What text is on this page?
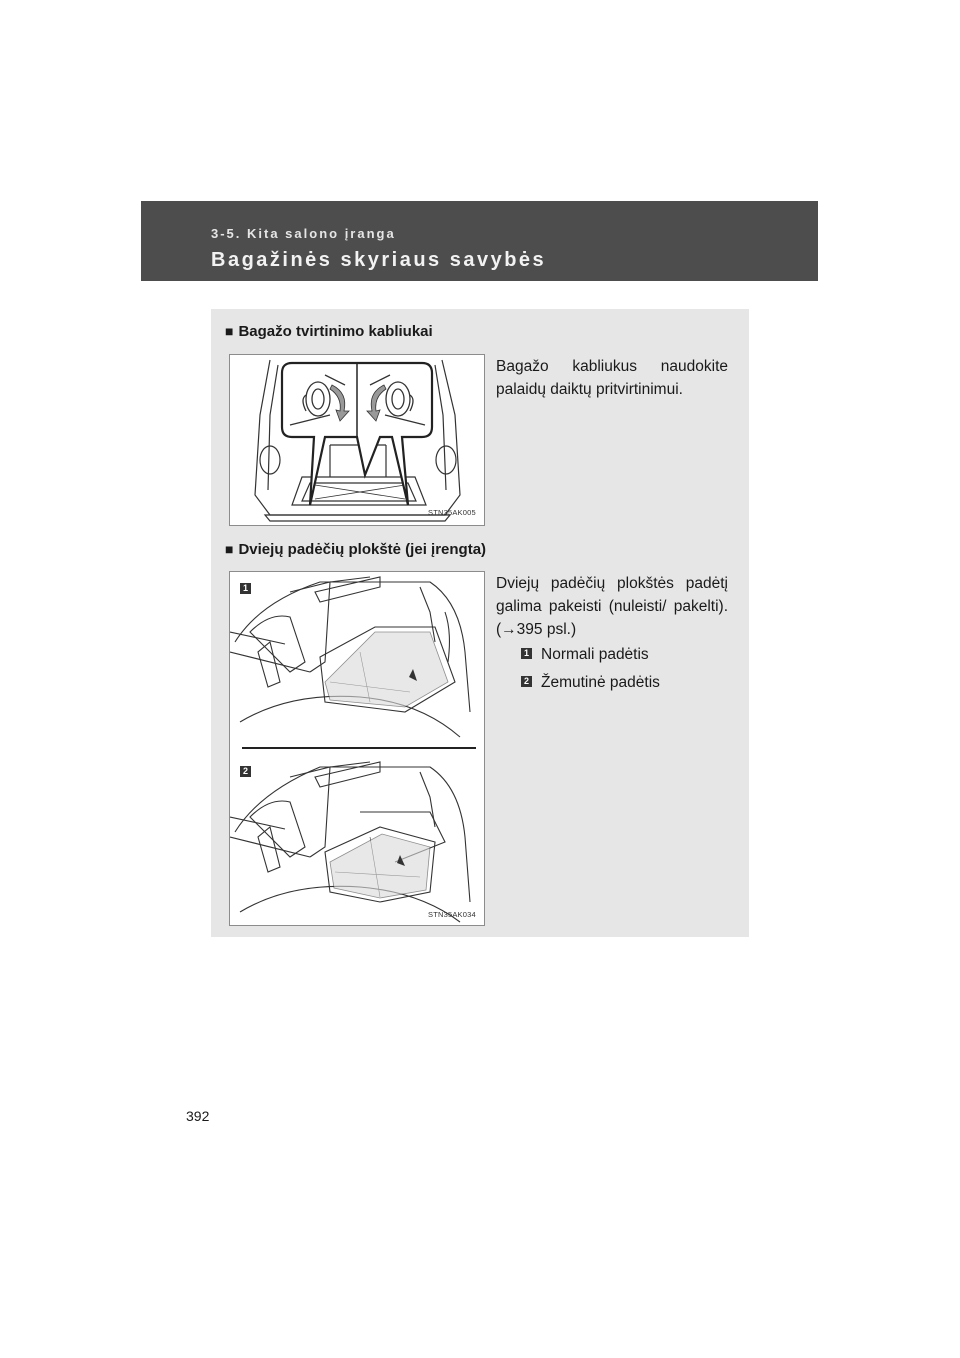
3-5. Kita salono įranga
Bagažinės skyriaus savybės
■ Bagažo tvirtinimo kabliukai
STN35AK005
Bagažo kabliukus naudokite palaidų daiktų pritvirtinimui.
■ Dviejų padėčių plokštė (jei įrengta)
1
2
STN35AK034
Dviejų padėčių plokštės padėtį galima pakeisti (nuleisti/ pakelti). (→395 psl.)
1 Normali padėtis
2 Žemutinė padėtis
392
